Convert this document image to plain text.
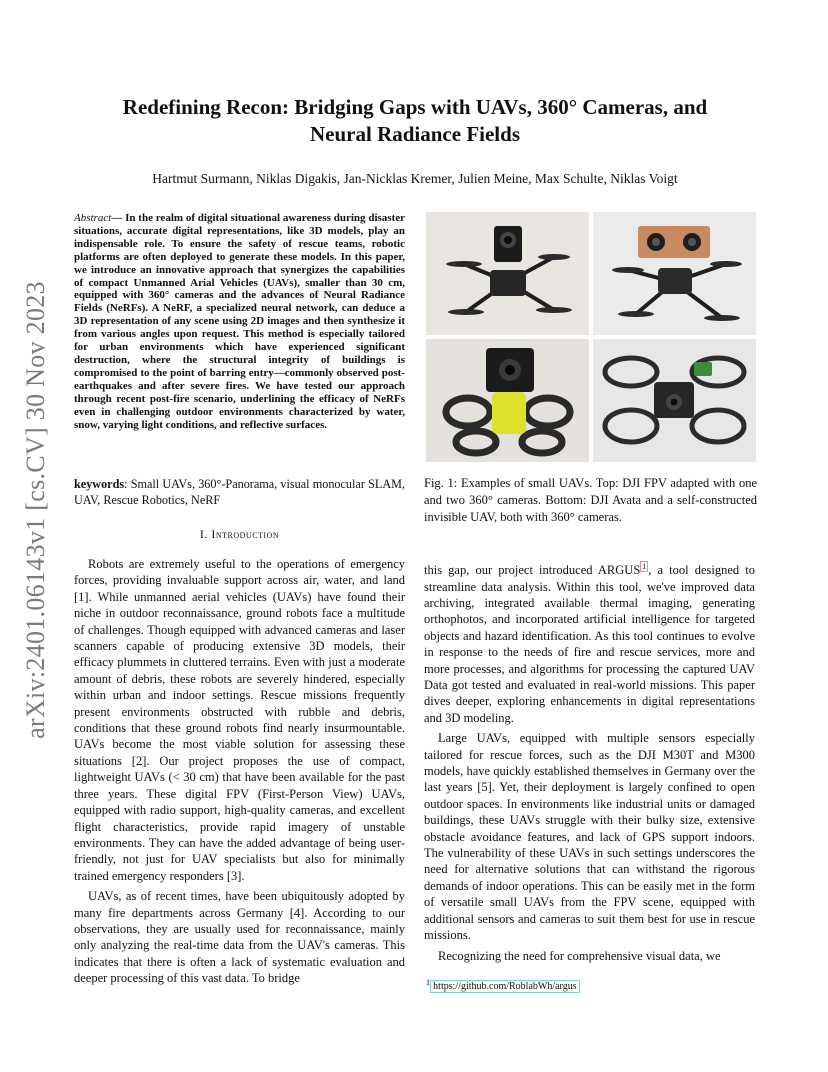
arXiv:2401.06143v1 [cs.CV] 30 Nov 2023
Redefining Recon: Bridging Gaps with UAVs, 360° Cameras, and Neural Radiance Fields
Hartmut Surmann, Niklas Digakis, Jan-Nicklas Kremer, Julien Meine, Max Schulte, Niklas Voigt
Abstract— In the realm of digital situational awareness during disaster situations, accurate digital representations, like 3D models, play an indispensable role. To ensure the safety of rescue teams, robotic platforms are often deployed to generate these models. In this paper, we introduce an innovative approach that synergizes the capabilities of compact Unmanned Arial Vehicles (UAVs), smaller than 30 cm, equipped with 360° cameras and the advances of Neural Radiance Fields (NeRFs). A NeRF, a specialized neural network, can deduce a 3D representation of any scene using 2D images and then synthesize it from various angles upon request. This method is especially tailored for urban environments which have experienced significant destruction, where the structural integrity of buildings is compromised to the point of barring entry—commonly observed post-earthquakes and after severe fires. We have tested our approach through recent post-fire scenario, underlining the efficacy of NeRFs even in challenging outdoor environments characterized by water, snow, varying light conditions, and reflective surfaces.
keywords: Small UAVs, 360°-Panorama, visual monocular SLAM, UAV, Rescue Robotics, NeRF
I. Introduction

Robots are extremely useful to the operations of emergency forces, providing invaluable support across air, water, and land [1]. While unmanned aerial vehicles (UAVs) have found their niche in outdoor reconnaissance, ground robots face a multitude of challenges. Though equipped with advanced cameras and laser scanners capable of producing extensive 3D models, their efficacy plummets in cluttered terrains. Even with just a moderate amount of debris, these robots are severely hindered, especially within urban and indoor settings. Rescue missions frequently present environments obstructed with rubble and debris, conditions that these ground robots find nearly insurmountable. UAVs become the most viable solution for assessing these situations [2]. Our project proposes the use of compact, lightweight UAVs (< 30 cm) that have been available for the past three years. These digital FPV (First-Person View) UAVs, equipped with radio support, high-quality cameras, and excellent flight characteristics, provide rapid imagery of unstable environments. They can have the added advantage of being user-friendly, not just for UAV specialists but also for minimally trained emergency responders [3].

UAVs, as of recent times, have been ubiquitously adopted by many fire departments across Germany [4]. According to our observations, they are usually used for reconnaissance, mainly only analyzing the real-time data from the UAV's cameras. This indicates that there is often a lack of systematic evaluation and deeper processing of this vast data. To bridge

Fig. 1: Examples of small UAVs. Top: DJI FPV adapted with one and two 360° cameras. Bottom: DJI Avata and a self-constructed invisible UAV, both with 360° cameras.

this gap, our project introduced ARGUS $^1$ , a tool designed to streamline data analysis. Within this tool, we've improved data archiving, integrated available thermal imaging, generating orthophotos, and incorporated artificial intelligence for targeted objects and hazard identification. As this tool continues to evolve in response to the needs of fire and rescue services, more and more processes, and algorithms for processing the captured UAV Data got tested and evaluated in real-world missions. This paper dives deeper, exploring enhancements in digital representations and 3D modeling.

Large UAVs, equipped with multiple sensors especially tailored for rescue forces, such as the DJI M30T and M300 models, have quickly established themselves in Germany over the last years [5]. Yet, their deployment is largely confined to open outdoor spaces. In environments like industrial units or damaged buildings, these UAVs struggle with their bulky size, extensive obstacle avoidance features, and lack of GPS support indoors. The vulnerability of these UAVs in such settings underscores the need for alternative solutions that can withstand the rigorous demands of indoor operations. This can be easily met in the form of versatile small UAVs from the FPV scene, equipped with additional sensors and cameras to suit them best for use in rescue missions.

Recognizing the need for comprehensive visual data, we

$^1$ https://github.com/RoblabWh/argus
